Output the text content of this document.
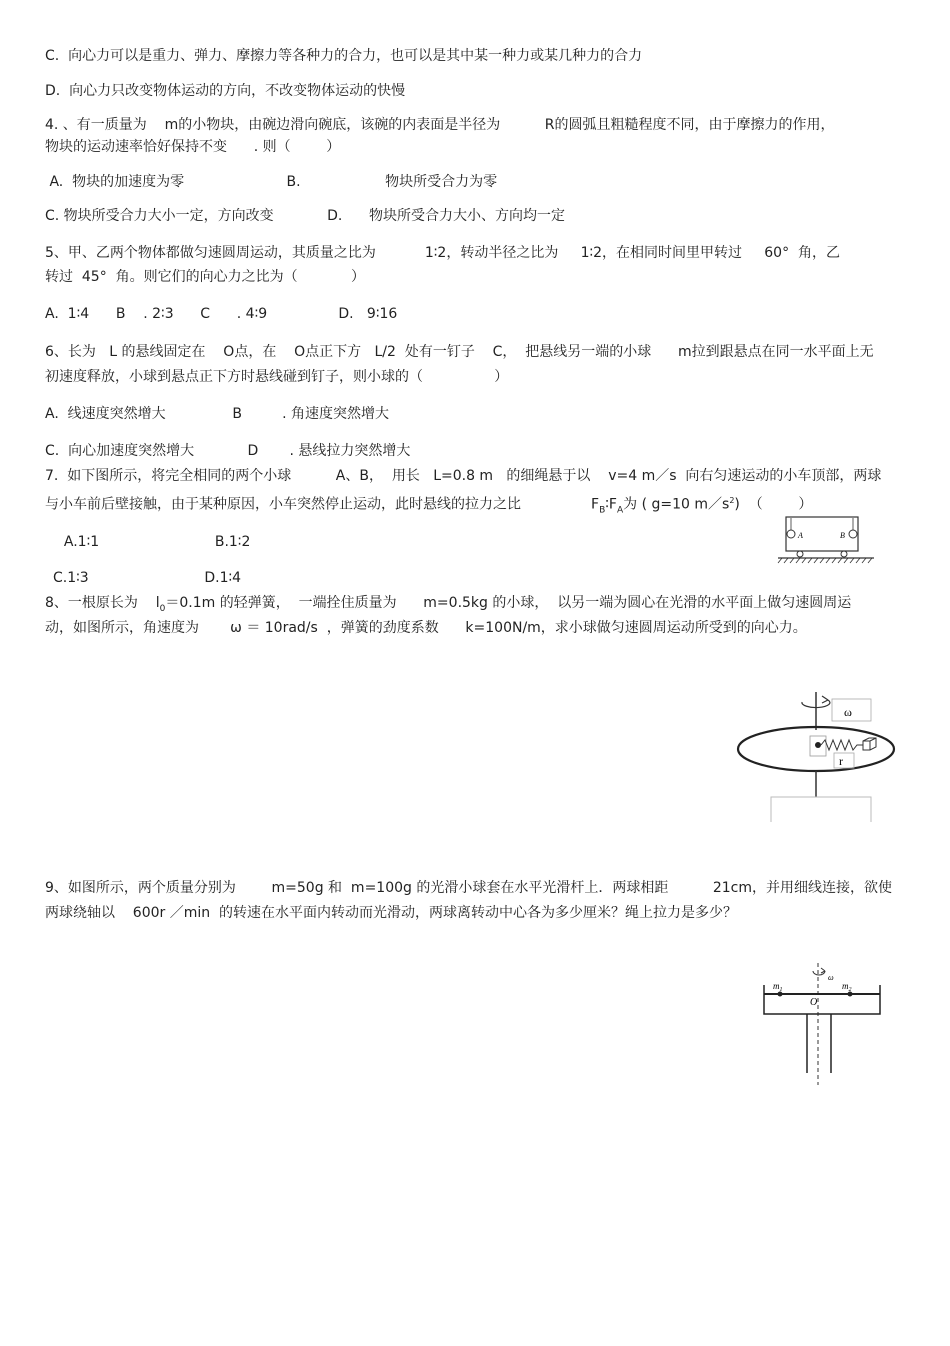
C.  向心力可以是重力、弹力、摩擦力等各种力的合力，也可以是其中某一种力或某几种力的合力
D.  向心力只改变物体运动的方向，不改变物体运动的快慢
4. 、有一质量为    m的小物块，由碗边滑向碗底，该碗的内表面是半径为          R的圆弧且粗糙程度不同，由于摩擦力的作用，
物块的运动速率恰好保持不变      . 则（        ）
A.  物块的加速度为零                       B.                   物块所受合力为零
C. 物块所受合力大小一定，方向改变            D.      物块所受合力大小、方向均一定
5、甲、乙两个物体都做匀速圆周运动，其质量之比为           1∶2，转动半径之比为     1∶2，在相同时间里甲转过     60°  角，乙
转过  45°  角。则它们的向心力之比为（            ）
A.  1∶4      B    . 2∶3      C      . 4∶9                D.   9∶16
6、长为   L 的悬线固定在    O点，在    O点正下方   L/2  处有一钉子    C，  把悬线另一端的小球      m拉到跟悬点在同一水平面上无
初速度释放，小球到悬点正下方时悬线碰到钉子，则小球的（                ）
A.  线速度突然增大               B         . 角速度突然增大
C.  向心加速度突然增大            D       . 悬线拉力突然增大
7.  如下图所示，将完全相同的两个小球          A、B，  用长   L=0.8 m   的细绳悬于以    v=4 m／s  向右匀速运动的小车顶部，两球
与小车前后壁接触，由于某种原因，小车突然停止运动，此时悬线的拉力之比	$F_B∶F_A$为 ( g=10 $m/s^2$)  （        ）
A.1∶1                          B.1∶2
C.1∶3                          D.1∶4
8、一根原长为    $l_0=0.1m$ 的轻弹簧，  一端拴住质量为      m=0.5kg 的小球，  以另一端为圆心在光滑的水平面上做匀速圆周运
动，如图所示，角速度为       ω ＝ 10rad/s  ，弹簧的劲度系数      k=100N/m，求小球做匀速圆周运动所受到的向心力。
9、如图所示，两个质量分别为        m=50g 和  m=100g 的光滑小球套在水平光滑杆上．两球相距          21cm，并用细线连接，欲使
两球绕轴以    600r ／min  的转速在水平面内转动而光滑动，两球离转动中心各为多少厘米？绳上拉力是多少？
A	B
ω
r
ω
$m_1$	$m_2$
O
